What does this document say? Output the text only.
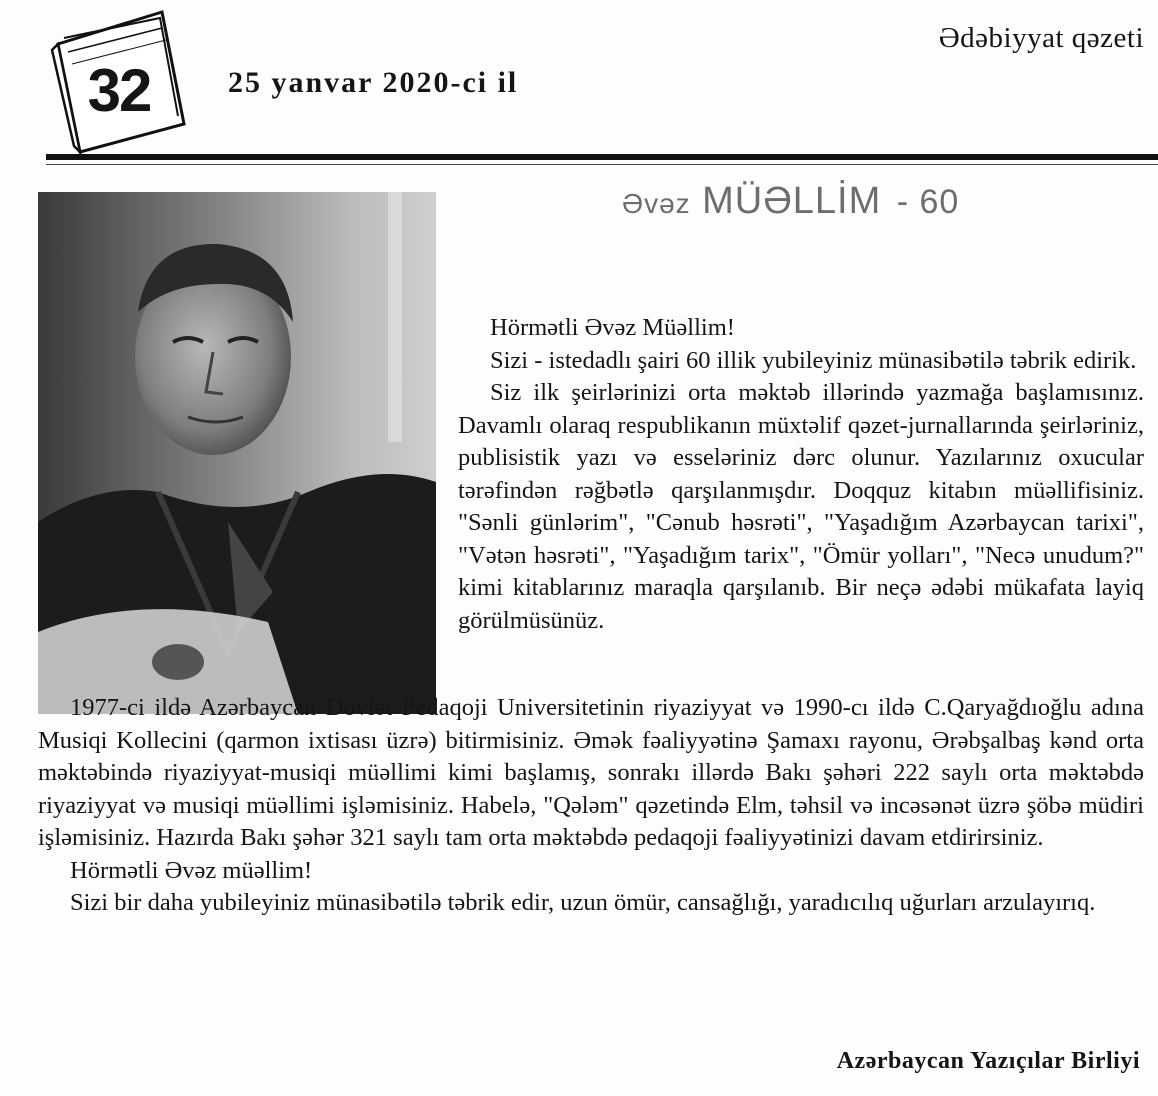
Ədəbiyyat qəzeti
32	25 yanvar 2020-ci il
Əvəz MÜƏLLİM - 60

Hörmətli Əvəz Müəllim!

Sizi - istedadlı şairi 60 illik yubileyiniz münasibətilə təbrik edirik.

Siz ilk şeirlərinizi orta məktəb illərində yazmağa başlamısınız. Davamlı olaraq respublikanın müxtəlif qəzet-jurnallarında şeirləriniz, publisistik yazı və esseləriniz dərc olunur. Yazılarınız oxucular tərəfindən rəğbətlə qarşılanmışdır. Doqquz kitabın müəllifisiniz. "Sənli günlərim", "Cənub həsrəti", "Yaşadığım Azərbaycan tarixi", "Vətən həsrəti", "Yaşadığım tarix", "Ömür yolları", "Necə unudum?" kimi kitablarınız maraqla qarşılanıb. Bir neçə ədəbi mükafata layiq görülmüsünüz.

1977-ci ildə Azərbaycan Dövlət Pedaqoji Universitetinin riyaziyyat və 1990-cı ildə C.Qaryağdıoğlu adına Musiqi Kollecini (qarmon ixtisası üzrə) bitirmisiniz. Əmək fəaliyyətinə Şamaxı rayonu, Ərəbşalbaş kənd orta məktəbində riyaziyyat-musiqi müəllimi kimi başlamış, sonrakı illərdə Bakı şəhəri 222 saylı orta məktəbdə riyaziyyat və musiqi müəllimi işləmisiniz. Habelə, "Qələm" qəzetində Elm, təhsil və incəsənət üzrə şöbə müdiri işləmisiniz. Hazırda Bakı şəhər 321 saylı tam orta məktəbdə pedaqoji fəaliyyətinizi davam etdirirsiniz.

Hörmətli Əvəz müəllim!

Sizi bir daha yubileyiniz münasibətilə təbrik edir, uzun ömür, cansağlığı, yaradıcılıq uğurları arzulayırıq.

Azərbaycan Yazıçılar Birliyi
